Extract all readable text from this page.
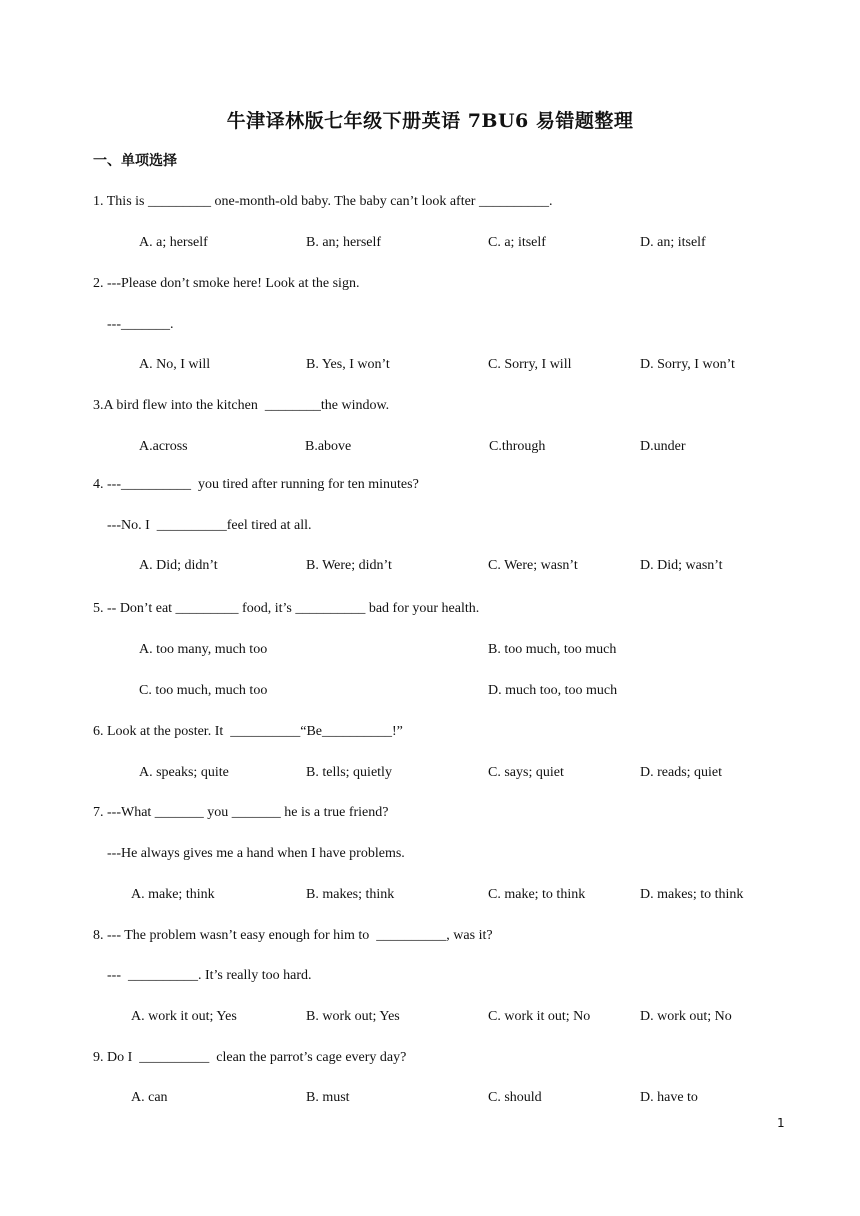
牛津译林版七年级下册英语 7BU6 易错题整理
一、单项选择
1. This is _________ one-month-old baby. The baby can’t look after __________.
A. a; herself	B. an; herself	C. a; itself	D. an; itself
2. ---Please don’t smoke here! Look at the sign.
---_______.
A. No, I will	B. Yes, I won’t	C. Sorry, I will	D. Sorry, I won’t
3.A bird flew into the kitchen  ________the window.
A.across	B.above	C.through	D.under
4. ---__________  you tired after running for ten minutes?
---No. I  __________feel tired at all.
A. Did; didn’t	B. Were; didn’t	C. Were; wasn’t	D. Did; wasn’t
5. -- Don’t eat _________ food, it’s __________ bad for your health.
A. too many, much too	B. too much, too much
C. too much, much too	D. much too, too much
6. Look at the poster. It  __________“Be__________!”
A. speaks; quite	B. tells; quietly	C. says; quiet	D. reads; quiet
7. ---What _______ you _______ he is a true friend?
---He always gives me a hand when I have problems.
A. make; think	B. makes; think	C. make; to think	D. makes; to think
8. --- The problem wasn’t easy enough for him to  __________, was it?
---  __________. It’s really too hard.
A. work it out; Yes	B. work out; Yes	C. work it out; No	D. work out; No
9. Do I  __________  clean the parrot’s cage every day?
A. can	B. must	C. should	D. have to
1
